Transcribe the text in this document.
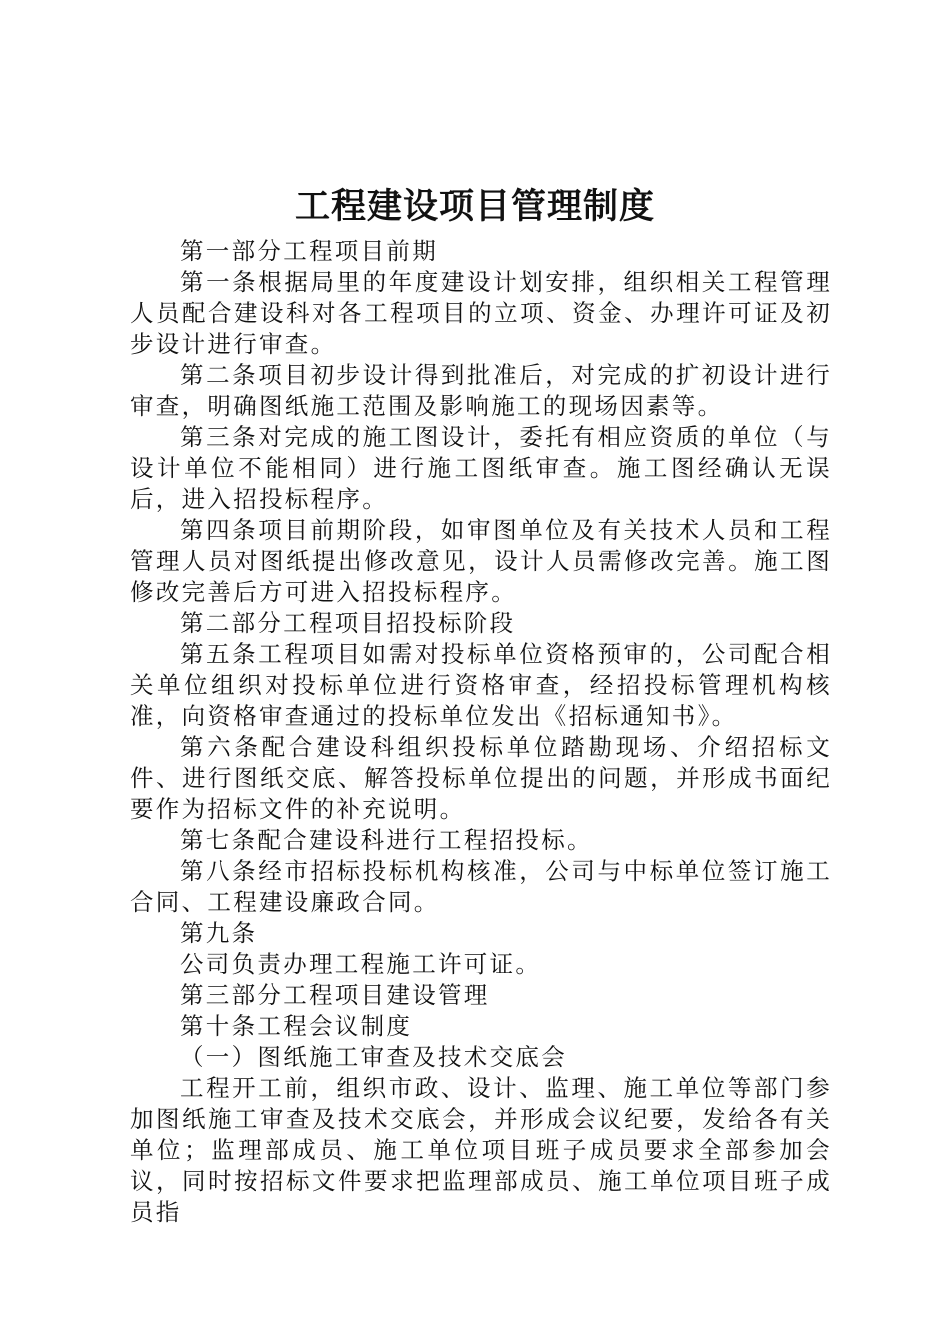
工程建设项目管理制度

第一部分工程项目前期

第一条根据局里的年度建设计划安排，组织相关工程管理人员配合建设科对各工程项目的立项、资金、办理许可证及初步设计进行审查。

第二条项目初步设计得到批准后，对完成的扩初设计进行审查，明确图纸施工范围及影响施工的现场因素等。

第三条对完成的施工图设计，委托有相应资质的单位（与设计单位不能相同）进行施工图纸审查。施工图经确认无误后，进入招投标程序。

第四条项目前期阶段，如审图单位及有关技术人员和工程管理人员对图纸提出修改意见，设计人员需修改完善。施工图修改完善后方可进入招投标程序。

第二部分工程项目招投标阶段

第五条工程项目如需对投标单位资格预审的，公司配合相关单位组织对投标单位进行资格审查，经招投标管理机构核准，向资格审查通过的投标单位发出《招标通知书》。

第六条配合建设科组织投标单位踏勘现场、介绍招标文件、进行图纸交底、解答投标单位提出的问题，并形成书面纪要作为招标文件的补充说明。

第七条配合建设科进行工程招投标。

第八条经市招标投标机构核准，公司与中标单位签订施工合同、工程建设廉政合同。

第九条

公司负责办理工程施工许可证。

第三部分工程项目建设管理

第十条工程会议制度

（一）图纸施工审查及技术交底会

工程开工前，组织市政、设计、监理、施工单位等部门参加图纸施工审查及技术交底会，并形成会议纪要，发给各有关单位；监理部成员、施工单位项目班子成员要求全部参加会议，同时按招标文件要求把监理部成员、施工单位项目班子成员指
